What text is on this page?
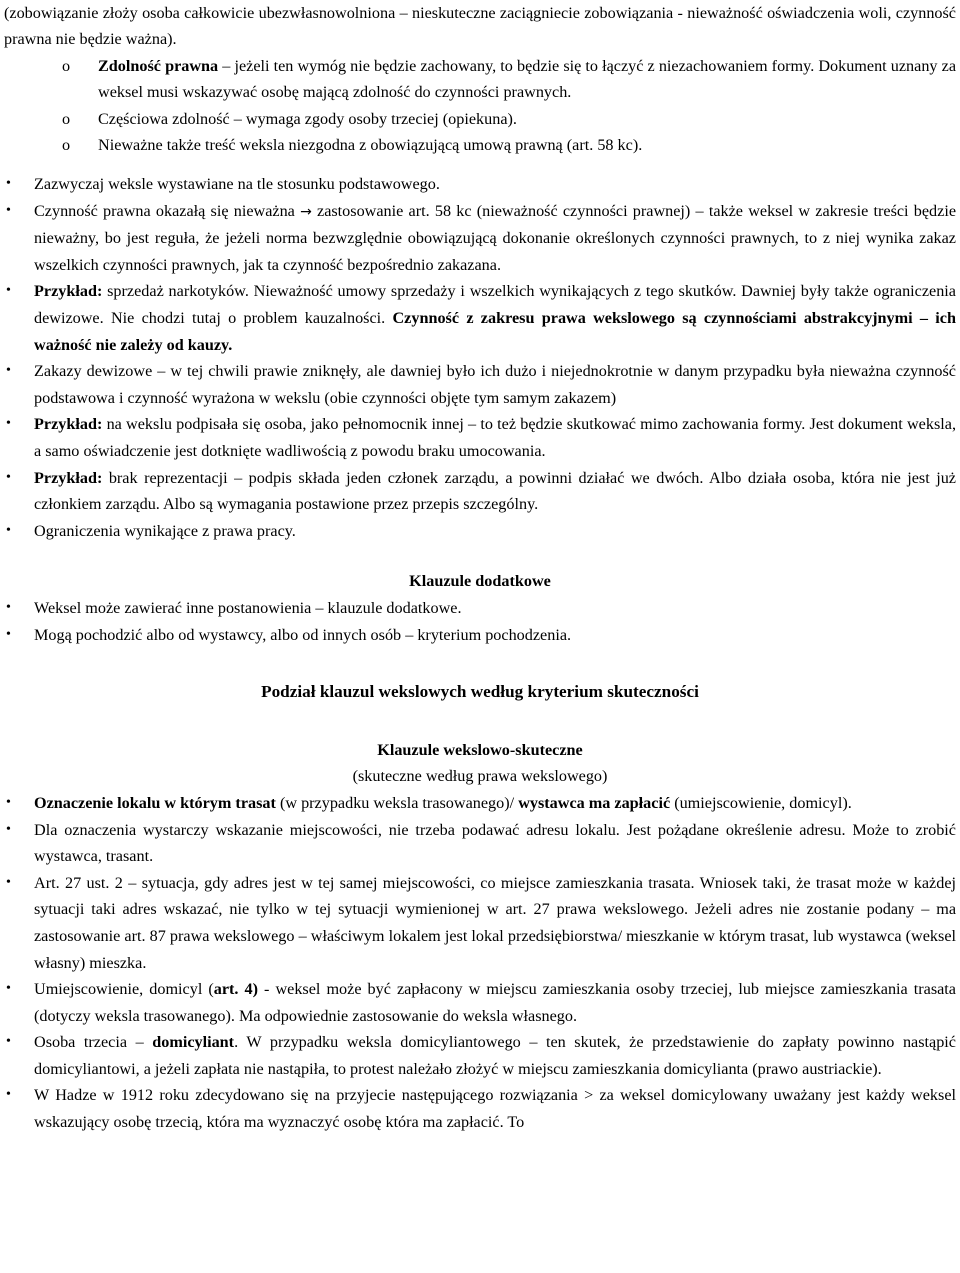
(zobowiązanie złoży osoba całkowicie ubezwłasnowolniona – nieskuteczne zaciągniecie zobowiązania - nieważność oświadczenia woli, czynność prawna nie będzie ważna).

o Zdolność prawna – jeżeli ten wymóg nie będzie zachowany, to będzie się to łączyć z niezachowaniem formy. Dokument uznany za weksel musi wskazywać osobę mającą zdolność do czynności prawnych.
o Częściowa zdolność – wymaga zgody osoby trzeciej (opiekuna).
o Nieważne także treść weksla niezgodna z obowiązującą umową prawną (art. 58 kc).
• Zazwyczaj weksle wystawiane na tle stosunku podstawowego.
• Czynność prawna okazałą się nieważna → zastosowanie art. 58 kc (nieważność czynności prawnej) – także weksel w zakresie treści będzie nieważny, bo jest reguła, że jeżeli norma bezwzględnie obowiązującą dokonanie określonych czynności prawnych, to z niej wynika zakaz wszelkich czynności prawnych, jak ta czynność bezpośrednio zakazana.
• Przykład: sprzedaż narkotyków. Nieważność umowy sprzedaży i wszelkich wynikających z tego skutków. Dawniej były także ograniczenia dewizowe. Nie chodzi tutaj o problem kauzalności. Czynność z zakresu prawa wekslowego są czynnościami abstrakcyjnymi – ich ważność nie zależy od kauzy.
• Zakazy dewizowe – w tej chwili prawie zniknęły, ale dawniej było ich dużo i niejednokrotnie w danym przypadku była nieważna czynność podstawowa i czynność wyrażona w wekslu (obie czynności objęte tym samym zakazem)
• Przykład: na wekslu podpisała się osoba, jako pełnomocnik innej – to też będzie skutkować mimo zachowania formy. Jest dokument weksla, a samo oświadczenie jest dotknięte wadliwością z powodu braku umocowania.
• Przykład: brak reprezentacji – podpis składa jeden członek zarządu, a powinni działać we dwóch. Albo działa osoba, która nie jest już członkiem zarządu. Albo są wymagania postawione przez przepis szczególny.
• Ograniczenia wynikające z prawa pracy.

Klauzule dodatkowe

• Weksel może zawierać inne postanowienia – klauzule dodatkowe.
• Mogą pochodzić albo od wystawcy, albo od innych osób – kryterium pochodzenia.

Podział klauzul wekslowych według kryterium skuteczności

Klauzule wekslowo-skuteczne

(skuteczne według prawa wekslowego)

• Oznaczenie lokalu w którym trasat (w przypadku weksla trasowanego)/ wystawca ma zapłacić (umiejscowienie, domicyl).
• Dla oznaczenia wystarczy wskazanie miejscowości, nie trzeba podawać adresu lokalu. Jest pożądane określenie adresu. Może to zrobić wystawca, trasant.
• Art. 27 ust. 2 – sytuacja, gdy adres jest w tej samej miejscowości, co miejsce zamieszkania trasata. Wniosek taki, że trasat może w każdej sytuacji taki adres wskazać, nie tylko w tej sytuacji wymienionej w art. 27 prawa wekslowego. Jeżeli adres nie zostanie podany – ma zastosowanie art. 87 prawa wekslowego – właściwym lokalem jest lokal przedsiębiorstwa/ mieszkanie w którym trasat, lub wystawca (weksel własny) mieszka.
• Umiejscowienie, domicyl (art. 4) - weksel może być zapłacony w miejscu zamieszkania osoby trzeciej, lub miejsce zamieszkania trasata (dotyczy weksla trasowanego). Ma odpowiednie zastosowanie do weksla własnego.
• Osoba trzecia – domicyliant. W przypadku weksla domicyliantowego – ten skutek, że przedstawienie do zapłaty powinno nastąpić domicyliantowi, a jeżeli zapłata nie nastąpiła, to protest należało złożyć w miejscu zamieszkania domicylianta (prawo austriackie).
• W Hadze w 1912 roku zdecydowano się na przyjecie następującego rozwiązania > za weksel domicylowany uważany jest każdy weksel wskazujący osobę trzecią, która ma wyznaczyć osobę która ma zapłacić. To
